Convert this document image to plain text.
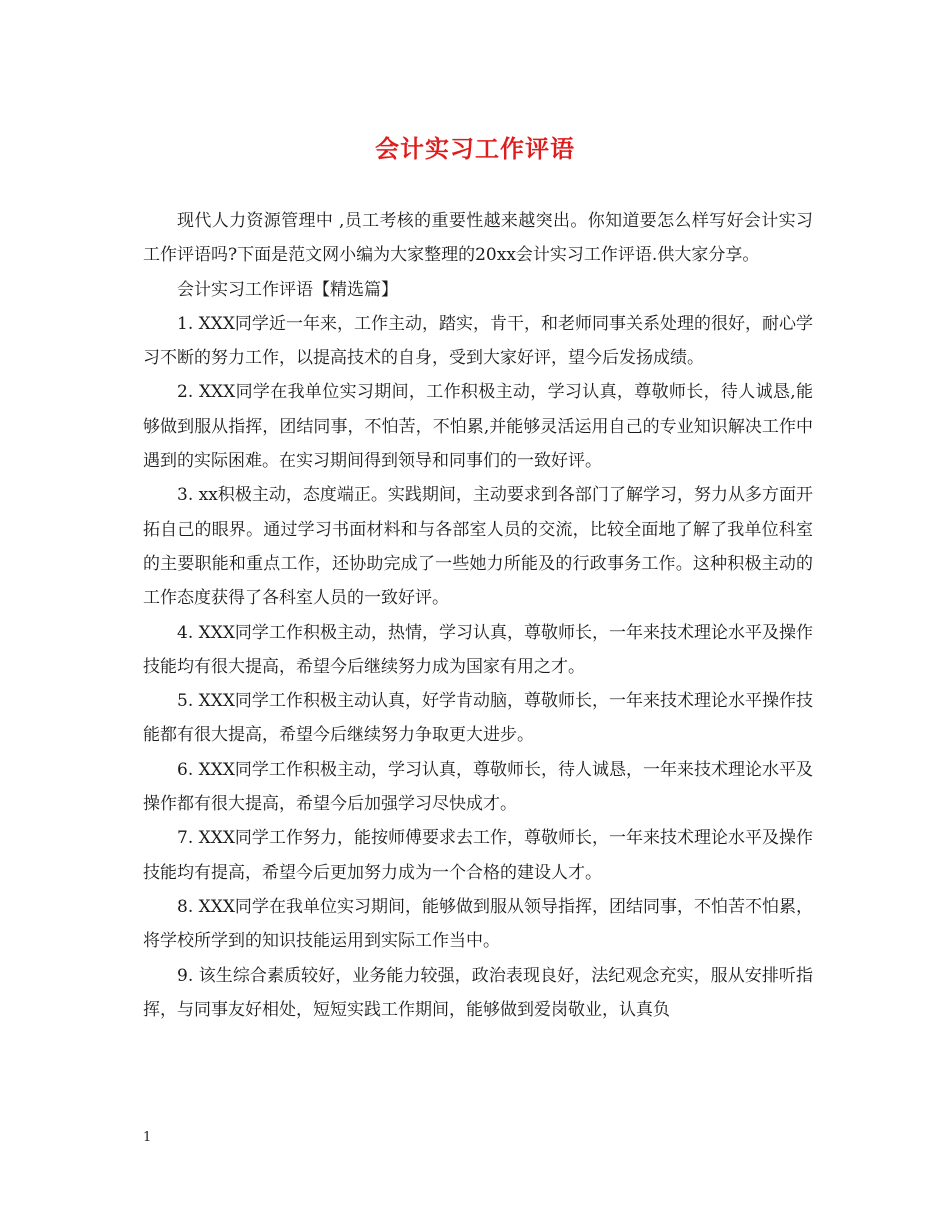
会计实习工作评语

现代人力资源管理中 ,员工考核的重要性越来越突出。你知道要怎么样写好会计实习工作评语吗?下面是范文网小编为大家整理的20xx会计实习工作评语.供大家分享。

会计实习工作评语【精选篇】

1. XXX同学近一年来，工作主动，踏实，肯干，和老师同事关系处理的很好，耐心学习不断的努力工作，以提高技术的自身，受到大家好评，望今后发扬成绩。

2. XXX同学在我单位实习期间，工作积极主动，学习认真，尊敬师长，待人诚恳,能够做到服从指挥，团结同事，不怕苦，不怕累,并能够灵活运用自己的专业知识解决工作中遇到的实际困难。在实习期间得到领导和同事们的一致好评。

3. xx积极主动，态度端正。实践期间，主动要求到各部门了解学习，努力从多方面开拓自己的眼界。通过学习书面材料和与各部室人员的交流，比较全面地了解了我单位科室的主要职能和重点工作，还协助完成了一些她力所能及的行政事务工作。这种积极主动的工作态度获得了各科室人员的一致好评。

4. XXX同学工作积极主动，热情，学习认真，尊敬师长，一年来技术理论水平及操作技能均有很大提高，希望今后继续努力成为国家有用之才。

5. XXX同学工作积极主动认真，好学肯动脑，尊敬师长，一年来技术理论水平操作技能都有很大提高，希望今后继续努力争取更大进步。

6. XXX同学工作积极主动，学习认真，尊敬师长，待人诚恳，一年来技术理论水平及操作都有很大提高，希望今后加强学习尽快成才。

7. XXX同学工作努力，能按师傅要求去工作，尊敬师长，一年来技术理论水平及操作技能均有提高，希望今后更加努力成为一个合格的建设人才。

8. XXX同学在我单位实习期间，能够做到服从领导指挥，团结同事，不怕苦不怕累，将学校所学到的知识技能运用到实际工作当中。

9. 该生综合素质较好，业务能力较强，政治表现良好，法纪观念充实，服从安排听指挥，与同事友好相处，短短实践工作期间，能够做到爱岗敬业，认真负

1
